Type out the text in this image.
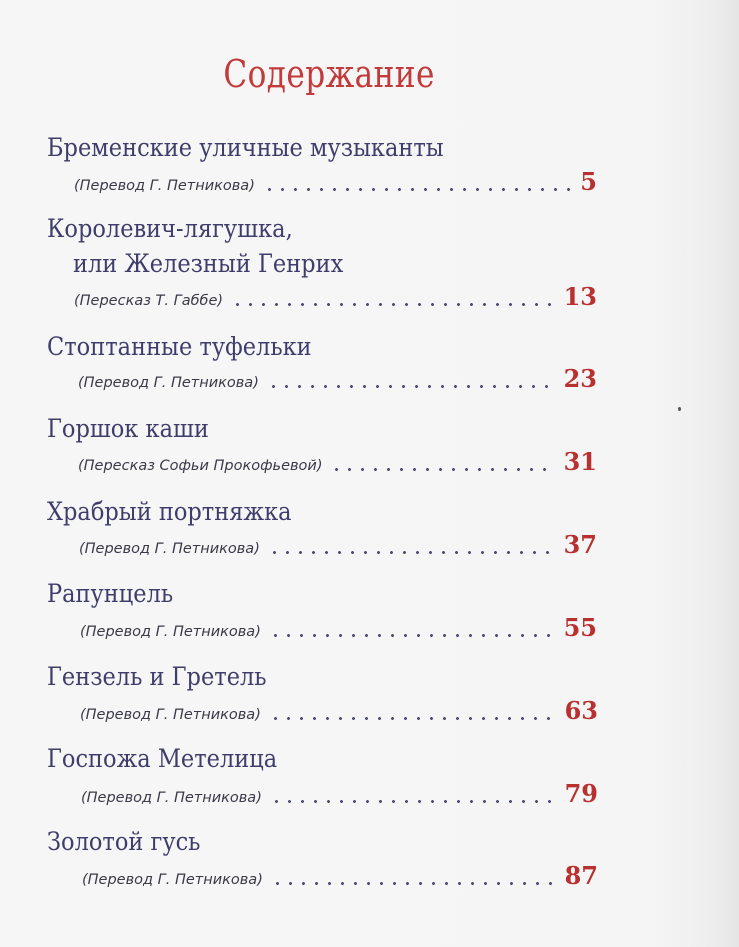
Содержание
Бременские уличные музыканты
(Перевод Г. Петникова)	5
Королевич-лягушка,
или Железный Генрих
(Пересказ Т. Габбе)	13
Стоптанные туфельки
(Перевод Г. Петникова)	23
Горшок каши
(Пересказ Софьи Прокофьевой)	31
Храбрый портняжка
(Перевод Г. Петникова)	37
Рапунцель
(Перевод Г. Петникова)	55
Гензель и Гретель
(Перевод Г. Петникова)	63
Госпожа Метелица
(Перевод Г. Петникова)	79
Золотой гусь
(Перевод Г. Петникова)	87
